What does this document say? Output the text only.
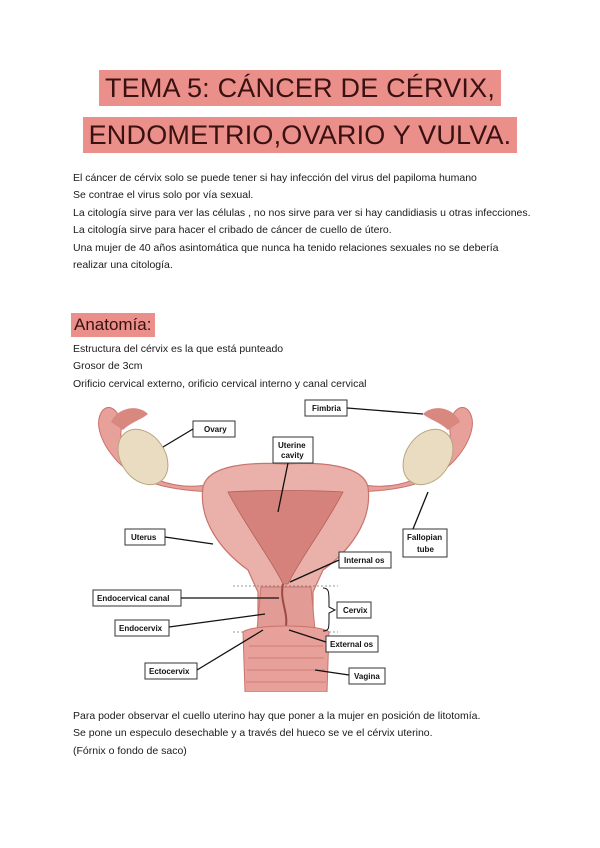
TEMA 5: CÁNCER DE CÉRVIX,
ENDOMETRIO,OVARIO Y VULVA.
El cáncer de cérvix solo se puede tener si hay infección del virus del papiloma humano
Se contrae el virus solo por vía sexual.
La citología sirve para ver las células , no nos sirve para ver si hay candidiasis u otras infecciones.
La citología sirve para hacer el cribado de cáncer de cuello de útero.
Una mujer de 40 años asintomática que nunca ha tenido relaciones sexuales no se debería realizar una citología.
Anatomía:
Estructura del cérvix es la que está punteado
Grosor de 3cm
Orificio cervical externo, orificio cervical interno y canal cervical
Ovary
Fimbria
Uterine
cavity
Uterus	Fallopian
tube
Internal os
Endocervical canal
Cervix
Endocervix
External os
Ectocervix
Vagina
Para poder observar el cuello uterino hay que poner a la mujer en posición de litotomía.
Se pone un especulo desechable y a través del hueco se ve el cérvix uterino.
(Fórnix o fondo de saco)
